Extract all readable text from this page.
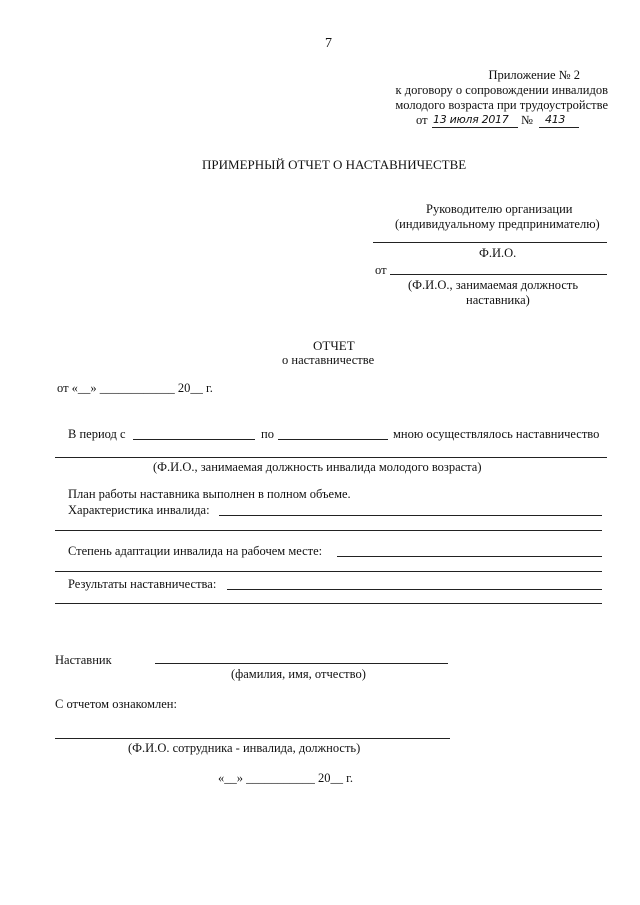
7
Приложение № 2
к договору о сопровождении инвалидов
молодого возраста при трудоустройстве
от 13 июля 2017 № 413
ПРИМЕРНЫЙ ОТЧЕТ О НАСТАВНИЧЕСТВЕ
Руководителю организации
(индивидуальному предпринимателю)
Ф.И.О.
от
(Ф.И.О., занимаемая должность
наставника)
ОТЧЕТ
о наставничестве
от «__» ____________ 20__ г.
В период с	по	мною осуществлялось наставничество
(Ф.И.О., занимаемая должность инвалида молодого возраста)
План работы наставника выполнен в полном объеме.
Характеристика инвалида:
Степень адаптации инвалида на рабочем месте:
Результаты наставничества:
Наставник
(фамилия, имя, отчество)
С отчетом ознакомлен:
(Ф.И.О. сотрудника - инвалида, должность)
«__» ___________ 20__ г.
